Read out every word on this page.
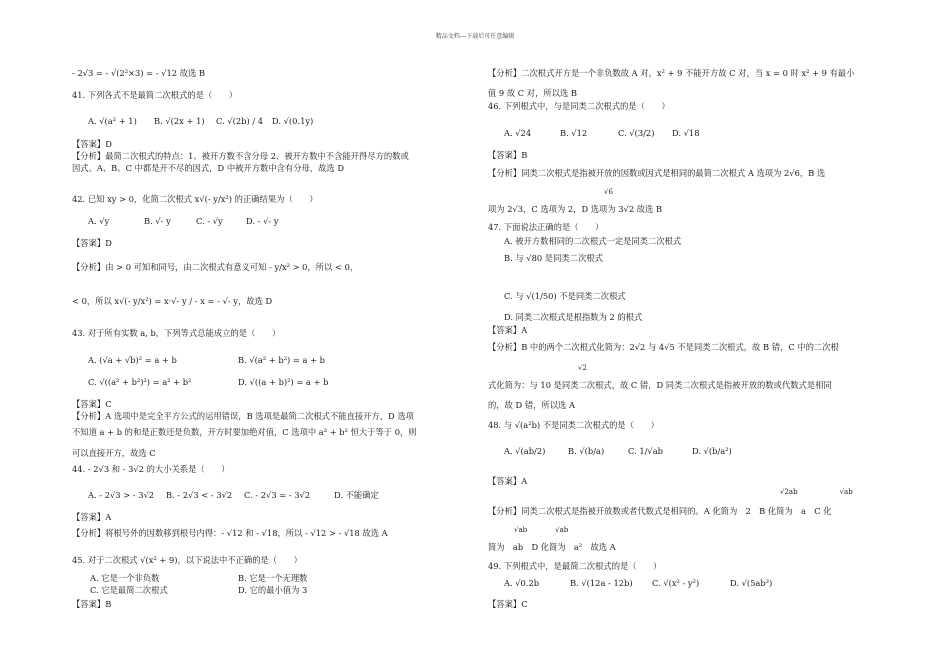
精品文档---下载后可任意编辑
- 2√3 = - √(2²×3) = - √12 故选 B
41. 下列各式不是最简二次根式的是（　　）
A. √(a² + 1) B. √(2x + 1) C. √(2b) / 4 D. √(0.1y)
【答案】D
【分析】最简二次根式的特点：1、被开方数不含分母 2、被开方数中不含能开得尽方的数或
因式。A、B、C 中都是开不尽的因式，D 中被开方数中含有分母，故选 D
42. 已知 xy > 0，化简二次根式 x√(- y/x²) 的正确结果为（　　）
A. √y	B. √- y	C. - √y	D. - √- y
【答案】D
【分析】由 > 0 可知和同号，由二次根式有意义可知 - y/x² > 0，所以 < 0，
< 0，所以 x√(- y/x²) = x·√- y / - x = - √- y，故选 D
43. 对于所有实数 a, b，下列等式总能成立的是（　　）
A. (√a + √b)² = a + b	B. √(a² + b²) = a + b
C. √((a² + b²)²) = a² + b²	D. √((a + b)²) = a + b
【答案】C
【分析】A 选项中是完全平方公式的运用错误，B 选项是最简二次根式不能直接开方，D 选项
不知道 a + b 的和是正数还是负数，开方时要加绝对值，C 选项中 a² + b² 恒大于等于 0，则
可以直接开方，故选 C
44. - 2√3 和 - 3√2 的大小关系是（　　）
A. - 2√3 > - 3√2 B. - 2√3 < - 3√2 C. - 2√3 = - 3√2	D. 不能确定
【答案】A
【分析】将根号外的因数移到根号内得：- √12 和 - √18，所以 - √12 > - √18 故选 A
45. 对于二次根式 √(x² + 9)，以下说法中不正确的是（　　）
A. 它是一个非负数	B. 它是一个无理数
C. 它是最简二次根式	D. 它的最小值为 3
【答案】B
【分析】二次根式开方是一个非负数故 A 对，x² + 9 不能开方故 C 对，当 x = 0 时 x² + 9 有最小
值 9 故 C 对，所以选 B
46. 下列根式中，与是同类二次根式的是（　　）
A. √24	B. √12	C. √(3/2) D. √18
【答案】B
【分析】同类二次根式是指被开放的因数或因式是相同的最简二次根式 A 选项为 2√6，B 选
√6
项为 2√3，C 选项为 2，D 选项为 3√2 故选 B
47. 下面说法正确的是（　　）
A. 被开方数相同的二次根式一定是同类二次根式
B. 与 √80 是同类二次根式
C. 与 √(1/50) 不是同类二次根式
D. 同类二次根式是根指数为 2 的根式
【答案】A
【分析】B 中的两个二次根式化简为：2√2 与 4√5 不是同类二次根式，故 B 错，C 中的二次根
√2
式化简为：与 10 是同类二次根式，故 C 错，D 同类二次根式是指被开放的数或代数式是相同
的，故 D 错，所以选 A
48. 与 √(a²b) 不是同类二次根式的是（　　）
A. √(ab/2)	B. √(b/a)	C. 1/√ab	D. √(b/a²)
【答案】A
√2ab　　　　　　√ab
【分析】同类二次根式是指被开放数或者代数式是相同的。A 化简为　2　B 化简为　a　C 化
√ab　　　　√ab
简为　ab　D 化简为　a²　故选 A
49. 下列根式中，是最简二次根式的是（　　）
A. √0.2b	B. √(12a - 12b) C. √(x² - y²)	D. √(5ab²)
【答案】C
